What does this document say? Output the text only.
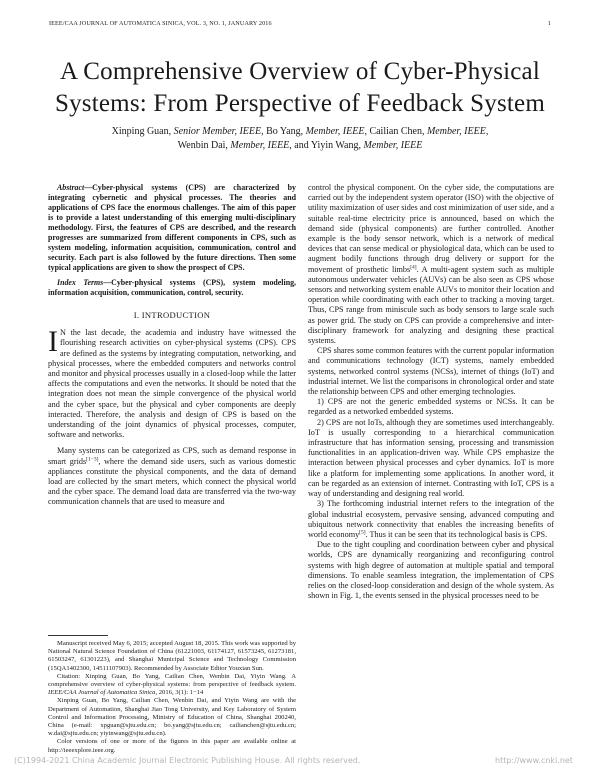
IEEE/CAA JOURNAL OF AUTOMATICA SINICA, VOL. 3, NO. 1, JANUARY 2016	1
A Comprehensive Overview of Cyber-Physical
Systems: From Perspective of Feedback System
Xinping Guan, Senior Member, IEEE, Bo Yang, Member, IEEE, Cailian Chen, Member, IEEE,
Wenbin Dai, Member, IEEE, and Yiyin Wang, Member, IEEE

Abstract—Cyber-physical systems (CPS) are characterized by integrating cybernetic and physical processes. The theories and applications of CPS face the enormous challenges. The aim of this paper is to provide a latest understanding of this emerging multi-disciplinary methodology. First, the features of CPS are described, and the research progresses are summarized from different components in CPS, such as system modeling, information acquisition, communication, control and security. Each part is also followed by the future directions. Then some typical applications are given to show the prospect of CPS.

Index Terms—Cyber-physical systems (CPS), system modeling, information acquisition, communication, control, security.

I. INTRODUCTION

I N the last decade, the academia and industry have witnessed the flourishing research activities on cyber-physical systems (CPS). CPS are defined as the systems by integrating computation, networking, and physical processes, where the embedded computers and networks control and monitor and physical processes usually in a closed-loop while the latter affects the computations and even the networks. It should be noted that the integration does not mean the simple convergence of the physical world and the cyber space, but the physical and cyber components are deeply interacted. Therefore, the analysis and design of CPS is based on the understanding of the joint dynamics of physical processes, computer, software and networks.

Many systems can be categorized as CPS, such as demand response in smart grids[1−3], where the demand side users, such as various domestic appliances constitute the physical components, and the data of demand load are collected by the smart meters, which connect the physical world and the cyber space. The demand load data are transferred via the two-way communication channels that are used to measure and

Manuscript received May 6, 2015; accepted August 18, 2015. This work was supported by National Natural Science Foundation of China (61221003, 61174127, 61573245, 61273181, 61503247, 61301223), and Shanghai Municipal Science and Technology Commission (15QA1402300, 14511107903). Recommended by Associate Editor Youxian Sun.

Citation: Xinping Guan, Bo Yang, Cailian Chen, Wenbin Dai, Yiyin Wang. A comprehensive overview of cyber-physical systems: from perspective of feedback system. IEEE/CAA Journal of Automatica Sinica, 2016, 3(1): 1−14

Xinping Guan, Bo Yang, Cailian Chen, Wenbin Dai, and Yiyin Wang are with the Department of Automation, Shanghai Jiao Tong University, and Key Laboratory of System Control and Information Processing, Ministry of Education of China, Shanghai 200240, China (e-mail: xpguan@sjtu.edu.cn; bo.yang@sjtu.edu.cn; cailianchen@sjtu.edu.cn; w.dai@sjtu.edu.cn; yiyinwang@sjtu.edu.cn).

Color versions of one or more of the figures in this paper are available online at http://ieeexplore.ieee.org.

control the physical component. On the cyber side, the computations are carried out by the independent system operator (ISO) with the objective of utility maximization of user sides and cost minimization of user side, and a suitable real-time electricity price is announced, based on which the demand side (physical components) are further controlled. Another example is the body sensor network, which is a network of medical devices that can sense medical or physiological data, which can be used to augment bodily functions through drug delivery or support for the movement of prosthetic limbs[4]. A multi-agent system such as multiple autonomous underwater vehicles (AUVs) can be also seen as CPS whose sensors and networking system enable AUVs to monitor their location and operation while coordinating with each other to tracking a moving target. Thus, CPS range from miniscule such as body sensors to large scale such as power grid. The study on CPS can provide a comprehensive and inter-disciplinary framework for analyzing and designing these practical systems.

CPS shares some common features with the current popular information and communications technology (ICT) systems, namely embedded systems, networked control systems (NCSs), internet of things (IoT) and industrial internet. We list the comparisons in chronological order and state the relationship between CPS and other emerging technologies.

1) CPS are not the generic embedded systems or NCSs. It can be regarded as a networked embedded systems.

2) CPS are not IoTs, although they are sometimes used interchangeably. IoT is usually corresponding to a hierarchical communication infrastructure that has information sensing, processing and transmission functionalities in an application-driven way. While CPS emphasize the interaction between physical processes and cyber dynamics. IoT is more like a platform for implementing some applications. In another word, it can be regarded as an extension of internet. Contrasting with IoT, CPS is a way of understanding and designing real world.

3) The forthcoming industrial internet refers to the integration of the global industrial ecosystem, pervasive sensing, advanced computing and ubiquitous network connectivity that enables the increasing benefits of world economy[5]. Thus it can be seen that its technological basis is CPS.

Due to the tight coupling and coordination between cyber and physical worlds, CPS are dynamically reorganizing and reconfiguring control systems with high degree of automation at multiple spatial and temporal dimensions. To enable seamless integration, the implementation of CPS relies on the closed-loop consideration and design of the whole system. As shown in Fig. 1, the events sensed in the physical processes need to be

(C)1994-2021 China Academic Journal Electronic Publishing House. All rights reserved.	http://www.cnki.net
